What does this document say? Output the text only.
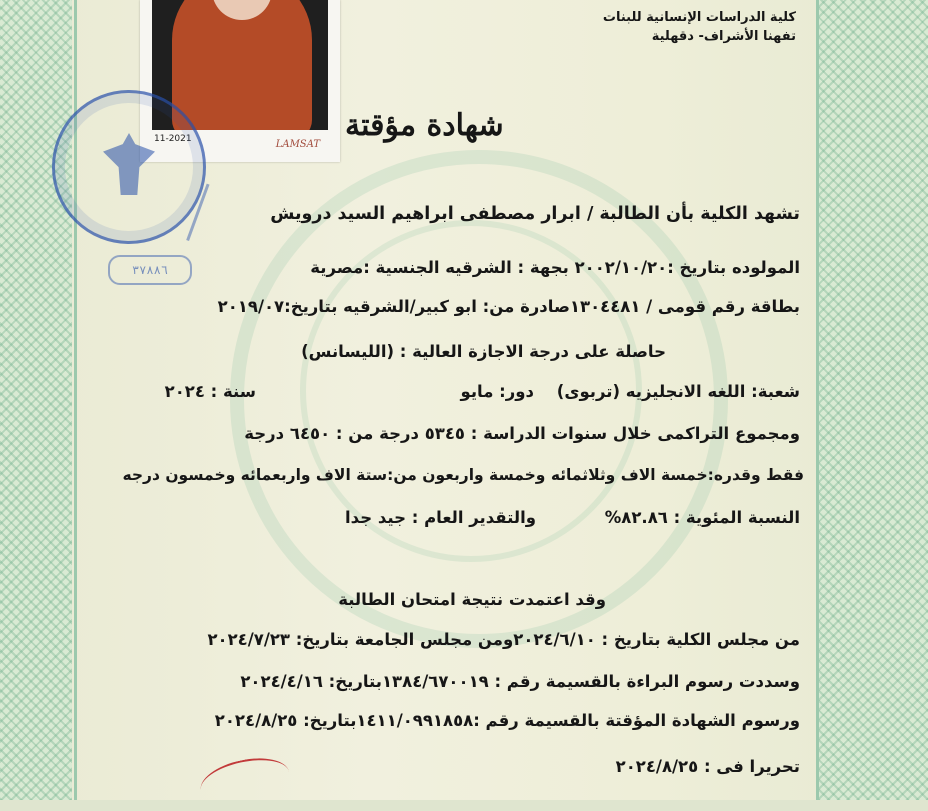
11-2021	LAMSAT
٣٧٨٨٦
كلية الدراسات الإنسانية للبنات
تفهنا الأشراف- دقهلية
شهادة مؤقتة
تشهد الكلية بأن الطالبة / ابرار مصطفى ابراهيم السيد درويش
المولوده بتاريخ :٢٠٠٢/١٠/٢٠ بجهة : الشرقيه الجنسية :مصرية
بطاقة رقم قومى / ١٣٠٤٤٨١صادرة من: ابو كبير/الشرقيه بتاريخ:٢٠١٩/٠٧
حاصلة على درجة الاجازة العالية : (الليسانس)
شعبة: اللغه الانجليزيه (تربوى)
دور: مايو
سنة : ٢٠٢٤
ومجموع التراكمى خلال سنوات الدراسة : ٥٣٤٥ درجة من : ٦٤٥٠ درجة
فقط وقدره:خمسة الاف وثلاثمائه وخمسة واربعون من:ستة الاف واربعمائه وخمسون درجه
النسبة المئوية : ٨٢.٨٦%
والتقدير العام : جيد جدا
وقد اعتمدت نتيجة امتحان الطالبة
من مجلس الكلية بتاريخ : ٢٠٢٤/٦/١٠ومن مجلس الجامعة بتاريخ: ٢٠٢٤/٧/٢٣
وسددت رسوم البراءة بالقسيمة رقم : ١٣٨٤/٦٧٠٠١٩بتاريخ: ٢٠٢٤/٤/١٦
ورسوم الشهادة المؤقتة بالقسيمة رقم :١٤١١/٠٩٩١٨٥٨بتاريخ: ٢٠٢٤/٨/٢٥
تحريرا فى : ٢٠٢٤/٨/٢٥
